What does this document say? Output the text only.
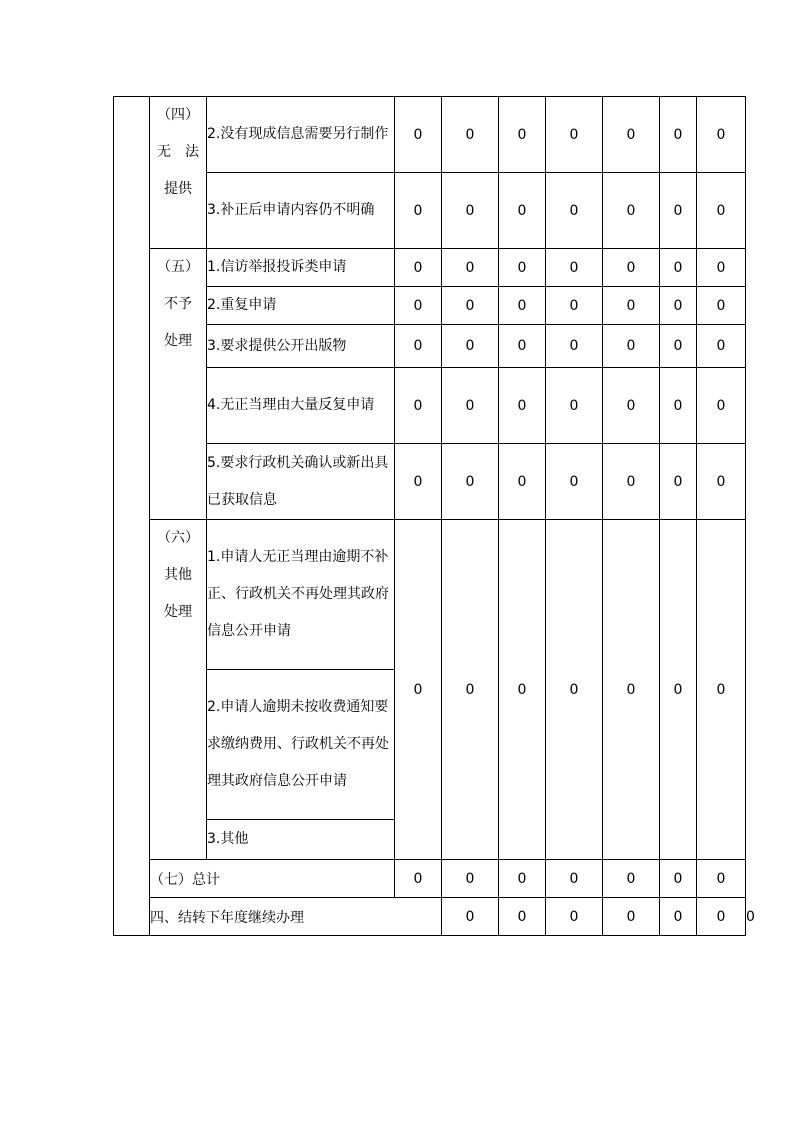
	（四）
无　法
提供	2.没有现成信息需要另行制作	0	0	0	0	0	0	0	
		3.补正后申请内容仍不明确	0	0	0	0	0	0	0	

	（五）
不予
处理	1.信访举报投诉类申请	0	0	0	0	0	0	0	
		2.重复申请	0	0	0	0	0	0	0	
		3.要求提供公开出版物	0	0	0	0	0	0	0	
		4.无正当理由大量反复申请	0	0	0	0	0	0	0	
		5.要求行政机关确认或新出具已获取信息	0	0	0	0	0	0	0	

	（六）
其他
处理	1.申请人无正当理由逾期不补正、行政机关不再处理其政府信息公开申请	0	0	0	0	0	0	0	
		2.申请人逾期未按收费通知要求缴纳费用、行政机关不再处理其政府信息公开申请								
		3.其他								
	（七）总计		0	0	0	0	0	0	0	
	四、结转下年度继续办理			0	0	0	0	0	0	0
